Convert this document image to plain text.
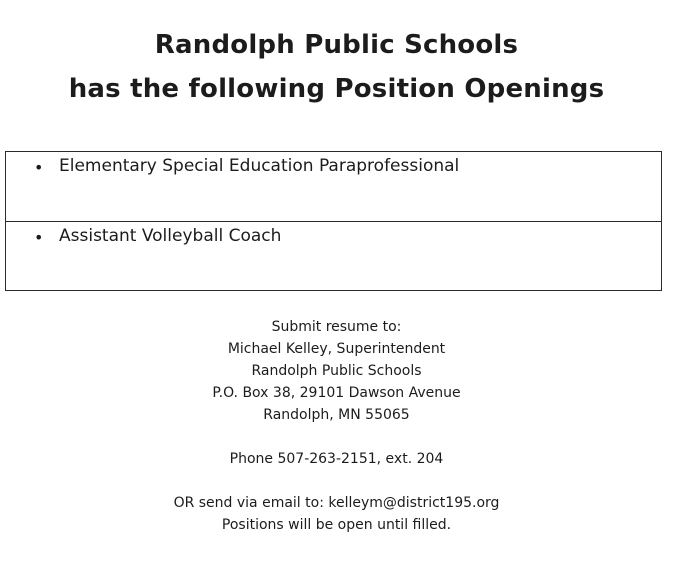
Randolph Public Schools
has the following Position Openings
• Elementary Special Education Paraprofessional
• Assistant Volleyball Coach
Submit resume to:
Michael Kelley, Superintendent
Randolph Public Schools
P.O. Box 38, 29101 Dawson Avenue
Randolph, MN 55065
Phone 507-263-2151, ext. 204
OR send via email to: kelleym@district195.org
Positions will be open until filled.
